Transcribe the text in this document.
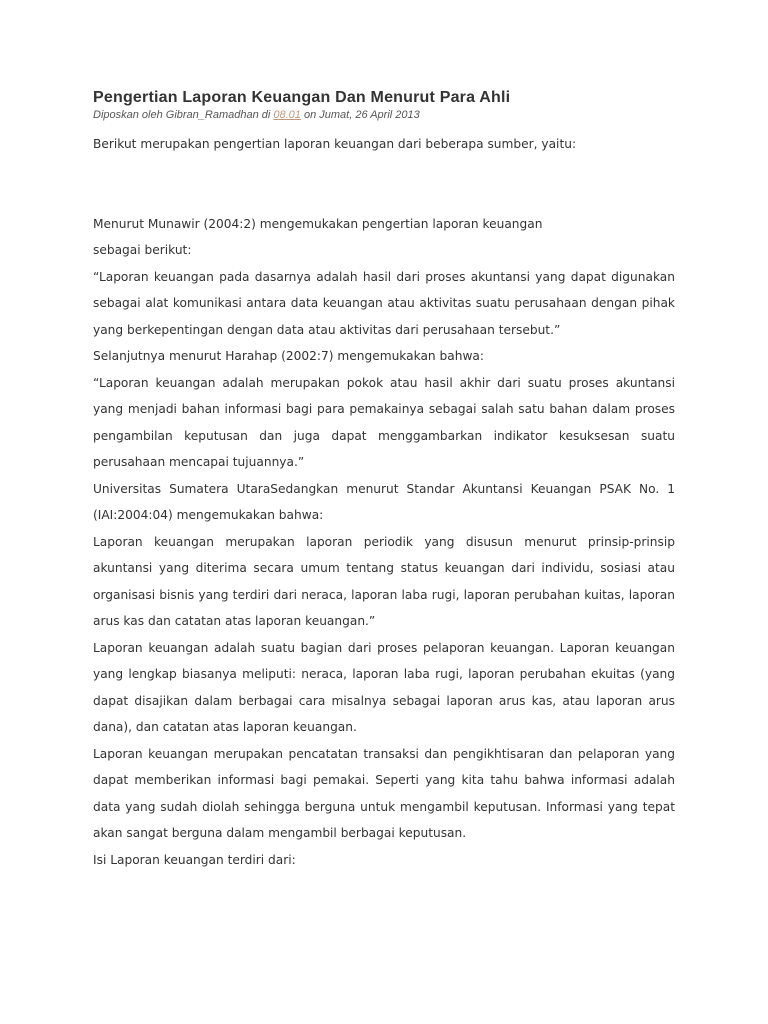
Pengertian Laporan Keuangan Dan Menurut Para Ahli

Diposkan oleh Gibran_Ramadhan di 08.01 on Jumat, 26 April 2013

Berikut merupakan pengertian laporan keuangan dari beberapa sumber, yaitu:

Menurut Munawir (2004:2) mengemukakan pengertian laporan keuangan

sebagai berikut:

“Laporan keuangan pada dasarnya adalah hasil dari proses akuntansi yang dapat digunakan sebagai alat komunikasi antara data keuangan atau aktivitas suatu perusahaan dengan pihak yang berkepentingan dengan data atau aktivitas dari perusahaan tersebut.”

Selanjutnya menurut Harahap (2002:7) mengemukakan bahwa:

“Laporan keuangan adalah merupakan pokok atau hasil akhir dari suatu proses akuntansi yang menjadi bahan informasi bagi para pemakainya sebagai salah satu bahan dalam proses pengambilan keputusan dan juga dapat menggambarkan indikator kesuksesan suatu perusahaan mencapai tujuannya.”

Universitas Sumatera UtaraSedangkan menurut Standar Akuntansi Keuangan PSAK No. 1 (IAI:2004:04) mengemukakan bahwa:

Laporan keuangan merupakan laporan periodik yang disusun menurut prinsip-prinsip akuntansi yang diterima secara umum tentang status keuangan dari individu, sosiasi atau organisasi bisnis yang terdiri dari neraca, laporan laba rugi, laporan perubahan kuitas, laporan arus kas dan catatan atas laporan keuangan.”

Laporan keuangan adalah suatu bagian dari proses pelaporan keuangan. Laporan keuangan yang lengkap biasanya meliputi: neraca, laporan laba rugi, laporan perubahan ekuitas (yang dapat disajikan dalam berbagai cara misalnya sebagai laporan arus kas, atau laporan arus dana), dan catatan atas laporan keuangan.

Laporan keuangan merupakan pencatatan transaksi dan pengikhtisaran dan pelaporan yang dapat memberikan informasi bagi pemakai. Seperti yang kita tahu bahwa informasi adalah data yang sudah diolah sehingga berguna untuk mengambil keputusan. Informasi yang tepat akan sangat berguna dalam mengambil berbagai keputusan.

Isi Laporan keuangan terdiri dari:
